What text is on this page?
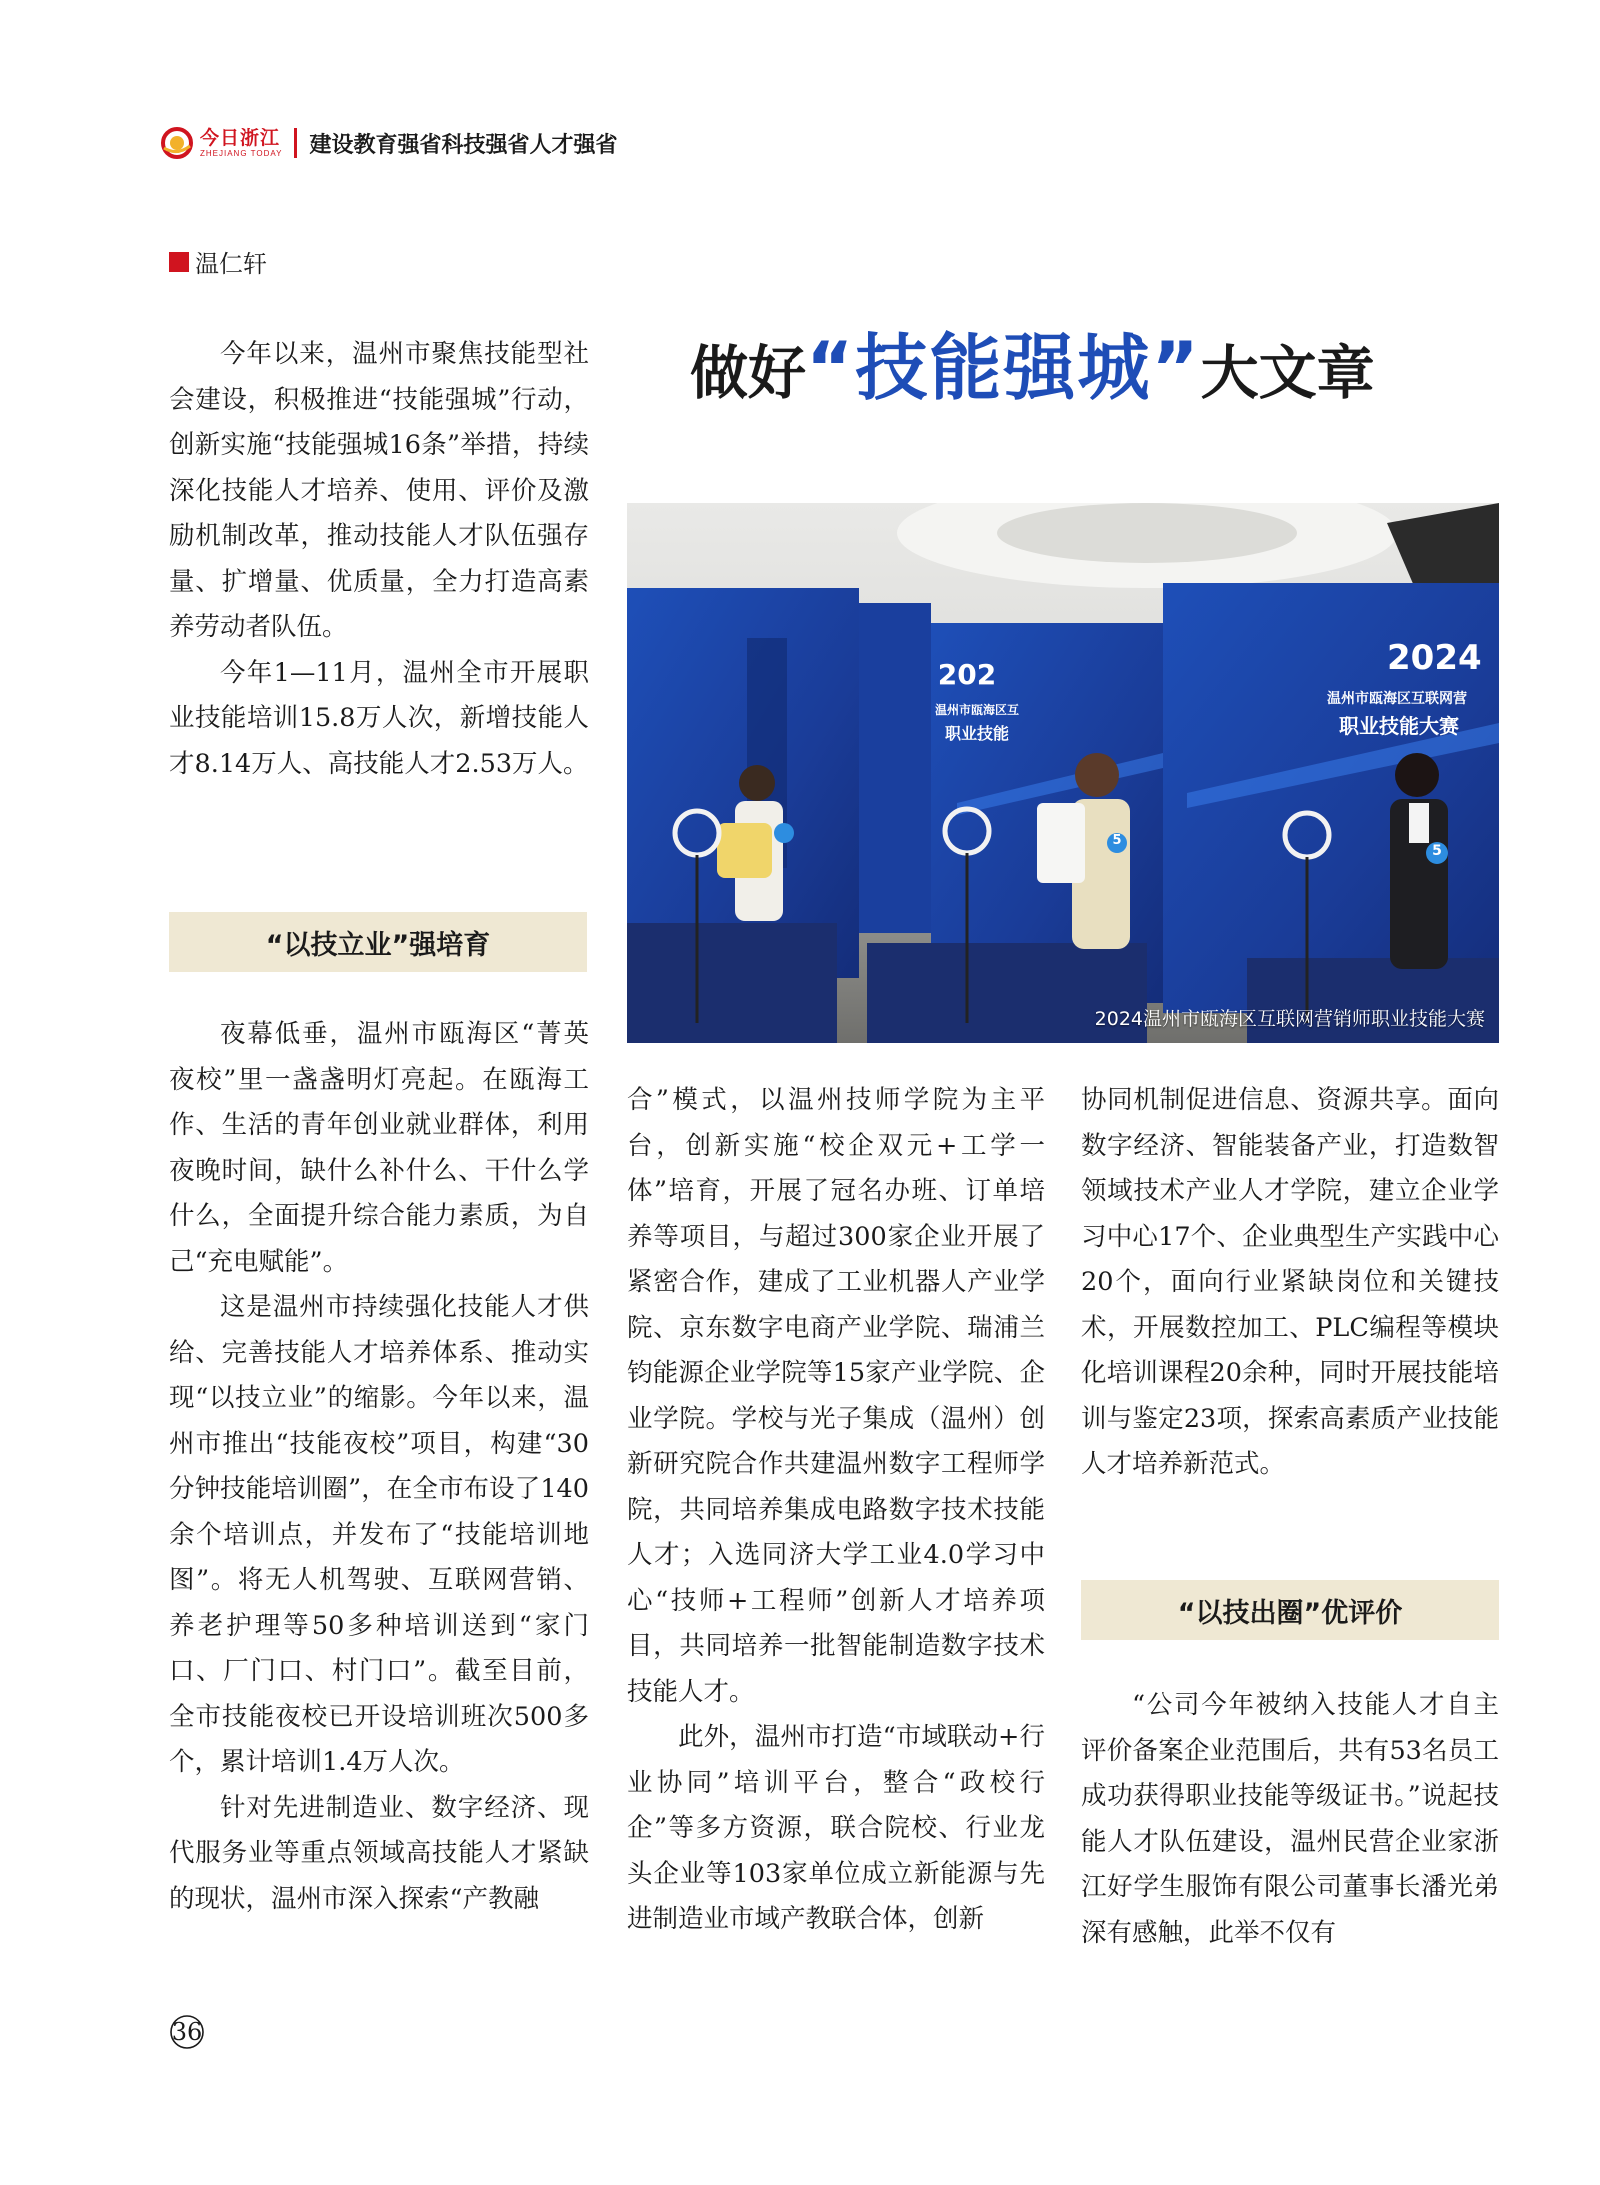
今日浙江
ZHEJIANG TODAY 建设教育强省科技强省人才强省
温仁轩
做好 “技能强城” 大文章

今年以来，温州市聚焦技能型社会建设，积极推进“技能强城”行动，创新实施“技能强城16条”举措，持续深化技能人才培养、使用、评价及激励机制改革，推动技能人才队伍强存量、扩增量、优质量，全力打造高素养劳动者队伍。

今年1—11月，温州全市开展职业技能培训15.8万人次，新增技能人才8.14万人、高技能人才2.53万人。

“以技立业”强培育

夜幕低垂，温州市瓯海区“菁英夜校”里一盏盏明灯亮起。在瓯海工作、生活的青年创业就业群体，利用夜晚时间，缺什么补什么、干什么学什么，全面提升综合能力素质，为自己“充电赋能”。

这是温州市持续强化技能人才供给、完善技能人才培养体系、推动实现“以技立业”的缩影。今年以来，温州市推出“技能夜校”项目，构建“30分钟技能培训圈”，在全市布设了140余个培训点，并发布了“技能培训地图”。将无人机驾驶、互联网营销、养老护理等50多种培训送到“家门口、厂门口、村门口”。截至目前，全市技能夜校已开设培训班次500多个，累计培训1.4万人次。

针对先进制造业、数字经济、现代服务业等重点领域高技能人才紧缺的现状，温州市深入探索“产教融

202
温州市瓯海区互
职业技能
2024
温州市瓯海区互联网营
职业技能大赛
5
5
2024温州市瓯海区互联网营销师职业技能大赛

合”模式，以温州技师学院为主平台，创新实施“校企双元+工学一体”培育，开展了冠名办班、订单培养等项目，与超过300家企业开展了紧密合作，建成了工业机器人产业学院、京东数字电商产业学院、瑞浦兰钧能源企业学院等15家产业学院、企业学院。学校与光子集成（温州）创新研究院合作共建温州数字工程师学院，共同培养集成电路数字技术技能人才；入选同济大学工业4.0学习中心“技师+工程师”创新人才培养项目，共同培养一批智能制造数字技术技能人才。

此外，温州市打造“市域联动+行业协同”培训平台，整合“政校行企”等多方资源，联合院校、行业龙头企业等103家单位成立新能源与先进制造业市域产教联合体，创新

协同机制促进信息、资源共享。面向数字经济、智能装备产业，打造数智领域技术产业人才学院，建立企业学习中心17个、企业典型生产实践中心20个，面向行业紧缺岗位和关键技术，开展数控加工、PLC编程等模块化培训课程20余种，同时开展技能培训与鉴定23项，探索高素质产业技能人才培养新范式。

“以技出圈”优评价

“公司今年被纳入技能人才自主评价备案企业范围后，共有53名员工成功获得职业技能等级证书。”说起技能人才队伍建设，温州民营企业家浙江好学生服饰有限公司董事长潘光弟深有感触，此举不仅有

36
